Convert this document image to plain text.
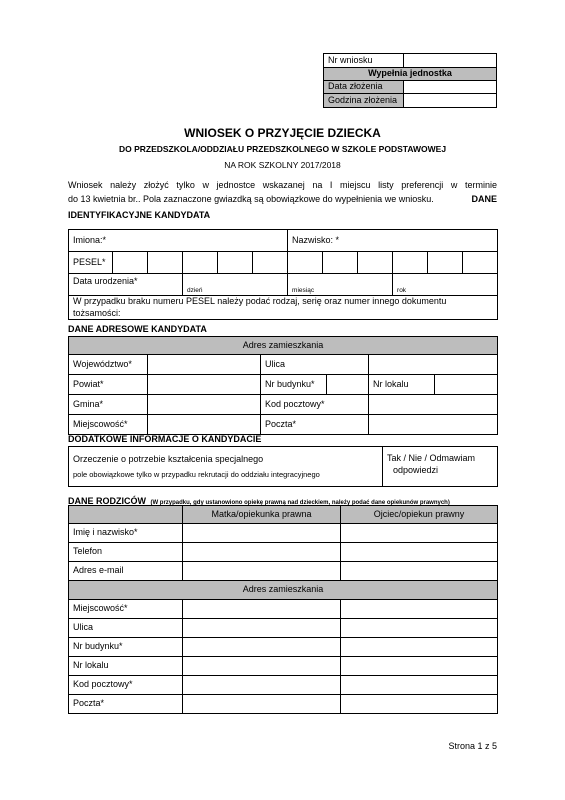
Nr wniosku	
Wypełnia jednostka	
Data złożenia	
Godzina złożenia	
WNIOSEK O PRZYJĘCIE DZIECKA
DO PRZEDSZKOLA/ODDZIAŁU PRZEDSZKOLNEGO W SZKOLE PODSTAWOWEJ
NA ROK SZKOLNY 2017/2018
Wniosek należy złożyć tylko w jednostce wskazanej na I miejscu listy preferencji w terminie
do 13 kwietnia br.. Pola zaznaczone gwiazdką są obowiązkowe do wypełnienia we wniosku.	DANE
IDENTYFIKACYJNE KANDYDATA
Imiona:*						Nazwisko: *					
PESEL*											
Data urodzenia*			dzień			miesiąc			rok		

W przypadku braku numeru PESEL należy podać rodzaj, serię oraz numer innego dokumentu
tożsamości:											
DANE ADRESOWE KANDYDATA
Adres zamieszkania					
Województwo*		Ulica			
Powiat*		Nr budynku*		Nr lokalu	
Gmina*		Kod pocztowy*			
Miejscowość*		Poczta*			
DODATKOWE INFORMACJE O KANDYDACIE
Orzeczenie o potrzebie kształcenia specjalnego
pole obowiązkowe tylko w przypadku rekrutacji do oddziału integracyjnego

Tak / Nie / Odmawiam
odpowiedzi
DANE RODZICÓW (W przypadku, gdy ustanowiono opiekę prawną nad dzieckiem, należy podać dane opiekunów prawnych)
	Matka/opiekunka prawna	Ojciec/opiekun prawny
Imię i nazwisko*		
Telefon		
Adres e-mail		
Adres zamieszkania		
Miejscowość*		
Ulica		
Nr budynku*		
Nr lokalu		
Kod pocztowy*		
Poczta*		
Strona 1 z 5
